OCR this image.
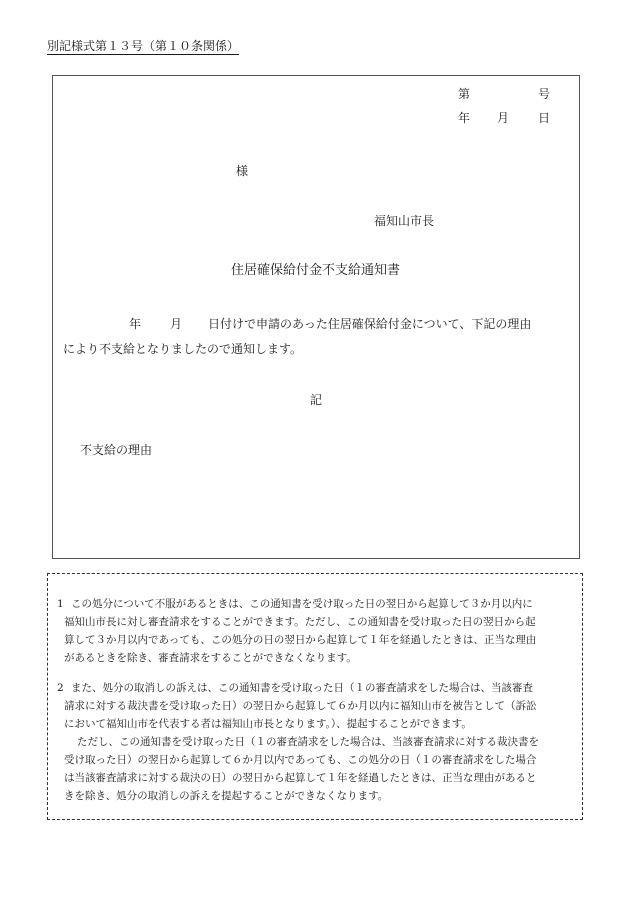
別記様式第１３号（第１０条関係）
第	号
年 月 日
様
福知山市長
住居確保給付金不支給通知書
年 月 日付けで申請のあった住居確保給付金について、下記の理由
により不支給となりましたので通知します。
記
不支給の理由
1 この処分について不服があるときは、この通知書を受け取った日の翌日から起算して３か月以内に
福知山市長に対し審査請求をすることができます。ただし、この通知書を受け取った日の翌日から起
算して３か月以内であっても、この処分の日の翌日から起算して１年を経過したときは、正当な理由
があるときを除き、審査請求をすることができなくなります。
2 また、処分の取消しの訴えは、この通知書を受け取った日（１の審査請求をした場合は、当該審査
請求に対する裁決書を受け取った日）の翌日から起算して６か月以内に福知山市を被告として（訴訟
において福知山市を代表する者は福知山市長となります。）、提起することができます。
ただし、この通知書を受け取った日（１の審査請求をした場合は、当該審査請求に対する裁決書を
受け取った日）の翌日から起算して６か月以内であっても、この処分の日（１の審査請求をした場合
は当該審査請求に対する裁決の日）の翌日から起算して１年を経過したときは、正当な理由があると
きを除き、処分の取消しの訴えを提起することができなくなります。
